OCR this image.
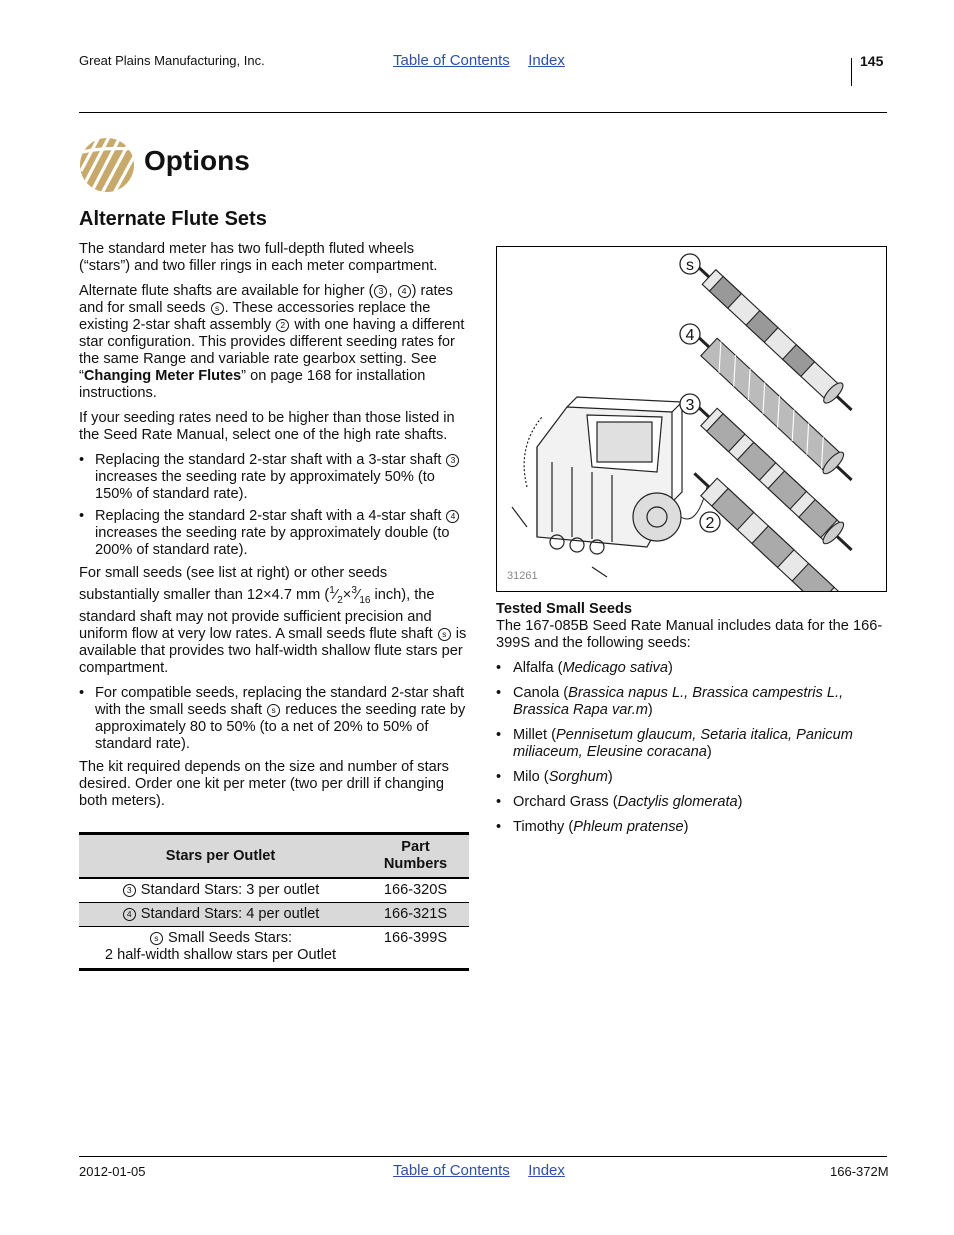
Great Plains Manufacturing, Inc.	Table of Contents Index	145
Options
Alternate Flute Sets

The standard meter has two full-depth fluted wheels (“stars”) and two filler rings in each meter compartment.

Alternate flute shafts are available for higher ( 3 , 4 ) rates and for small seeds s . These accessories replace the existing 2-star shaft assembly 2 with one having a different star configuration. This provides different seeding rates for the same Range and variable rate gearbox setting. See “Changing Meter Flutes” on page 168 for installation instructions.

If your seeding rates need to be higher than those listed in the Seed Rate Manual, select one of the high rate shafts.

• Replacing the standard 2-star shaft with a 3-star shaft 3 increases the seeding rate by approximately 50% (to 150% of standard rate).
• Replacing the standard 2-star shaft with a 4-star shaft 4 increases the seeding rate by approximately double (to 200% of standard rate).

For small seeds (see list at right) or other seeds substantially smaller than 12×4.7 mm ($^1⁄_2\times^3⁄_{16}$ inch), the standard shaft may not provide sufficient precision and uniform flow at very low rates. A small seeds flute shaft s is available that provides two half-width shallow flute stars per compartment.

• For compatible seeds, replacing the standard 2-star shaft with the small seeds shaft s reduces the seeding rate by approximately 80 to 50% (to a net of 20% to 50% of standard rate).

The kit required depends on the size and number of stars desired. Order one kit per meter (two per drill if changing both meters).

Stars per Outlet	Part Numbers
3 Standard Stars: 3 per outlet	166-320S
4 Standard Stars: 4 per outlet	166-321S
s Small Seeds Stars:
2 half-width shallow stars per Outlet	166-399S
s
4
3
2
31261
Tested Small Seeds

The 167-085B Seed Rate Manual includes data for the 166-399S and the following seeds:

• Alfalfa (Medicago sativa)
• Canola (Brassica napus L., Brassica campestris L., Brassica Rapa var.m)
• Millet (Pennisetum glaucum, Setaria italica, Panicum miliaceum, Eleusine coracana)
• Milo (Sorghum)
• Orchard Grass (Dactylis glomerata)
• Timothy (Phleum pratense)
2012-01-05	Table of Contents Index	166-372M
